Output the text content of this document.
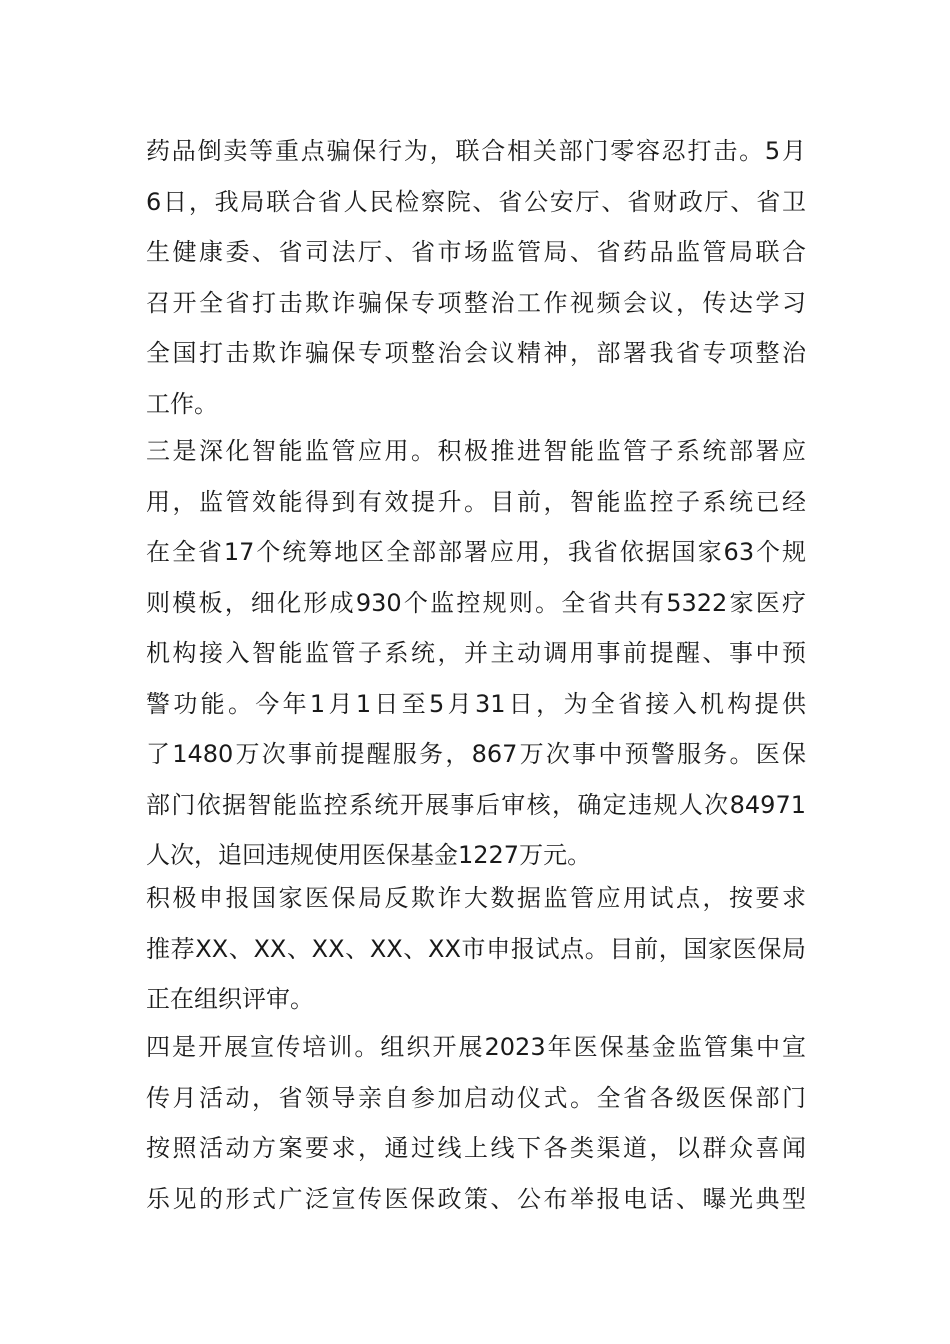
药品倒卖等重点骗保行为，联合相关部门零容忍打击。5月
6日，我局联合省人民检察院、省公安厅、省财政厅、省卫
生健康委、省司法厅、省市场监管局、省药品监管局联合
召开全省打击欺诈骗保专项整治工作视频会议，传达学习
全国打击欺诈骗保专项整治会议精神，部署我省专项整治
工作。
三是深化智能监管应用。积极推进智能监管子系统部署应
用，监管效能得到有效提升。目前，智能监控子系统已经
在全省17个统筹地区全部部署应用，我省依据国家63个规
则模板，细化形成930个监控规则。全省共有5322家医疗
机构接入智能监管子系统，并主动调用事前提醒、事中预
警功能。今年1月1日至5月31日，为全省接入机构提供
了1480万次事前提醒服务，867万次事中预警服务。医保
部门依据智能监控系统开展事后审核，确定违规人次84971
人次，追回违规使用医保基金1227万元。
积极申报国家医保局反欺诈大数据监管应用试点，按要求
推荐XX、XX、XX、XX、XX市申报试点。目前，国家医保局
正在组织评审。
四是开展宣传培训。组织开展2023年医保基金监管集中宣
传月活动，省领导亲自参加启动仪式。全省各级医保部门
按照活动方案要求，通过线上线下各类渠道，以群众喜闻
乐见的形式广泛宣传医保政策、公布举报电话、曝光典型
